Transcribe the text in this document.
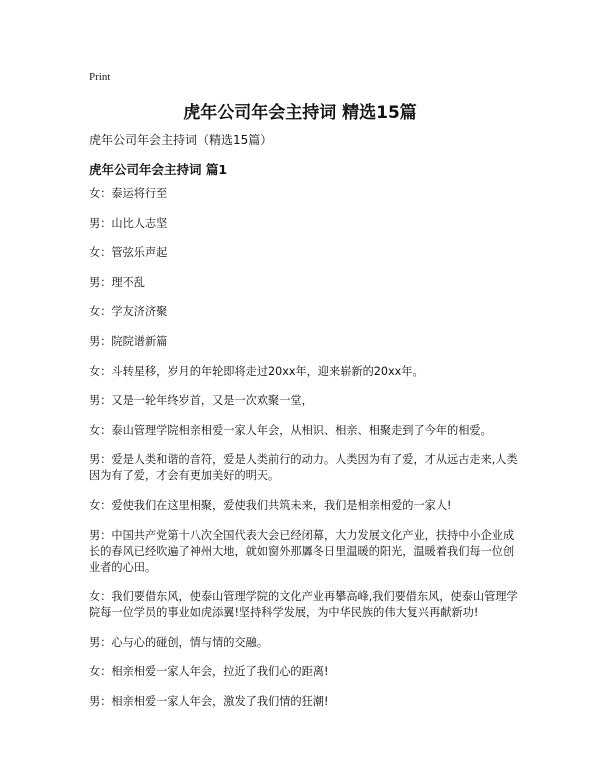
Print
虎年公司年会主持词 精选15篇
虎年公司年会主持词（精选15篇）
虎年公司年会主持词 篇1

女：泰运将行至

男：山比人志坚

女：管弦乐声起

男：理不乱

女：学友济济聚

男：院院谱新篇

女：斗转星移，岁月的年轮即将走过20xx年，迎来崭新的20xx年。

男：又是一轮年终岁首，又是一次欢聚一堂，

女：泰山管理学院相亲相爱一家人年会，从相识、相亲、相聚走到了今年的相爱。

男：爱是人类和谐的音符，爱是人类前行的动力。人类因为有了爱，才从远古走来,人类因为有了爱，才会有更加美好的明天。

女：爱使我们在这里相聚，爱使我们共筑未来，我们是相亲相爱的一家人!

男：中国共产党第十八次全国代表大会已经闭幕，大力发展文化产业，扶持中小企业成长的春风已经吹遍了神州大地，就如窗外那羼冬日里温暖的阳光，温暖着我们每一位创业者的心田。

女：我们要借东风，使泰山管理学院的文化产业再攀高峰,我们要借东风，使泰山管理学院每一位学员的事业如虎添翼!坚持科学发展，为中华民族的伟大复兴再献新功!

男：心与心的碰创，情与情的交融。

女：相亲相爱一家人年会，拉近了我们心的距离!

男：相亲相爱一家人年会，激发了我们情的狂潮!
